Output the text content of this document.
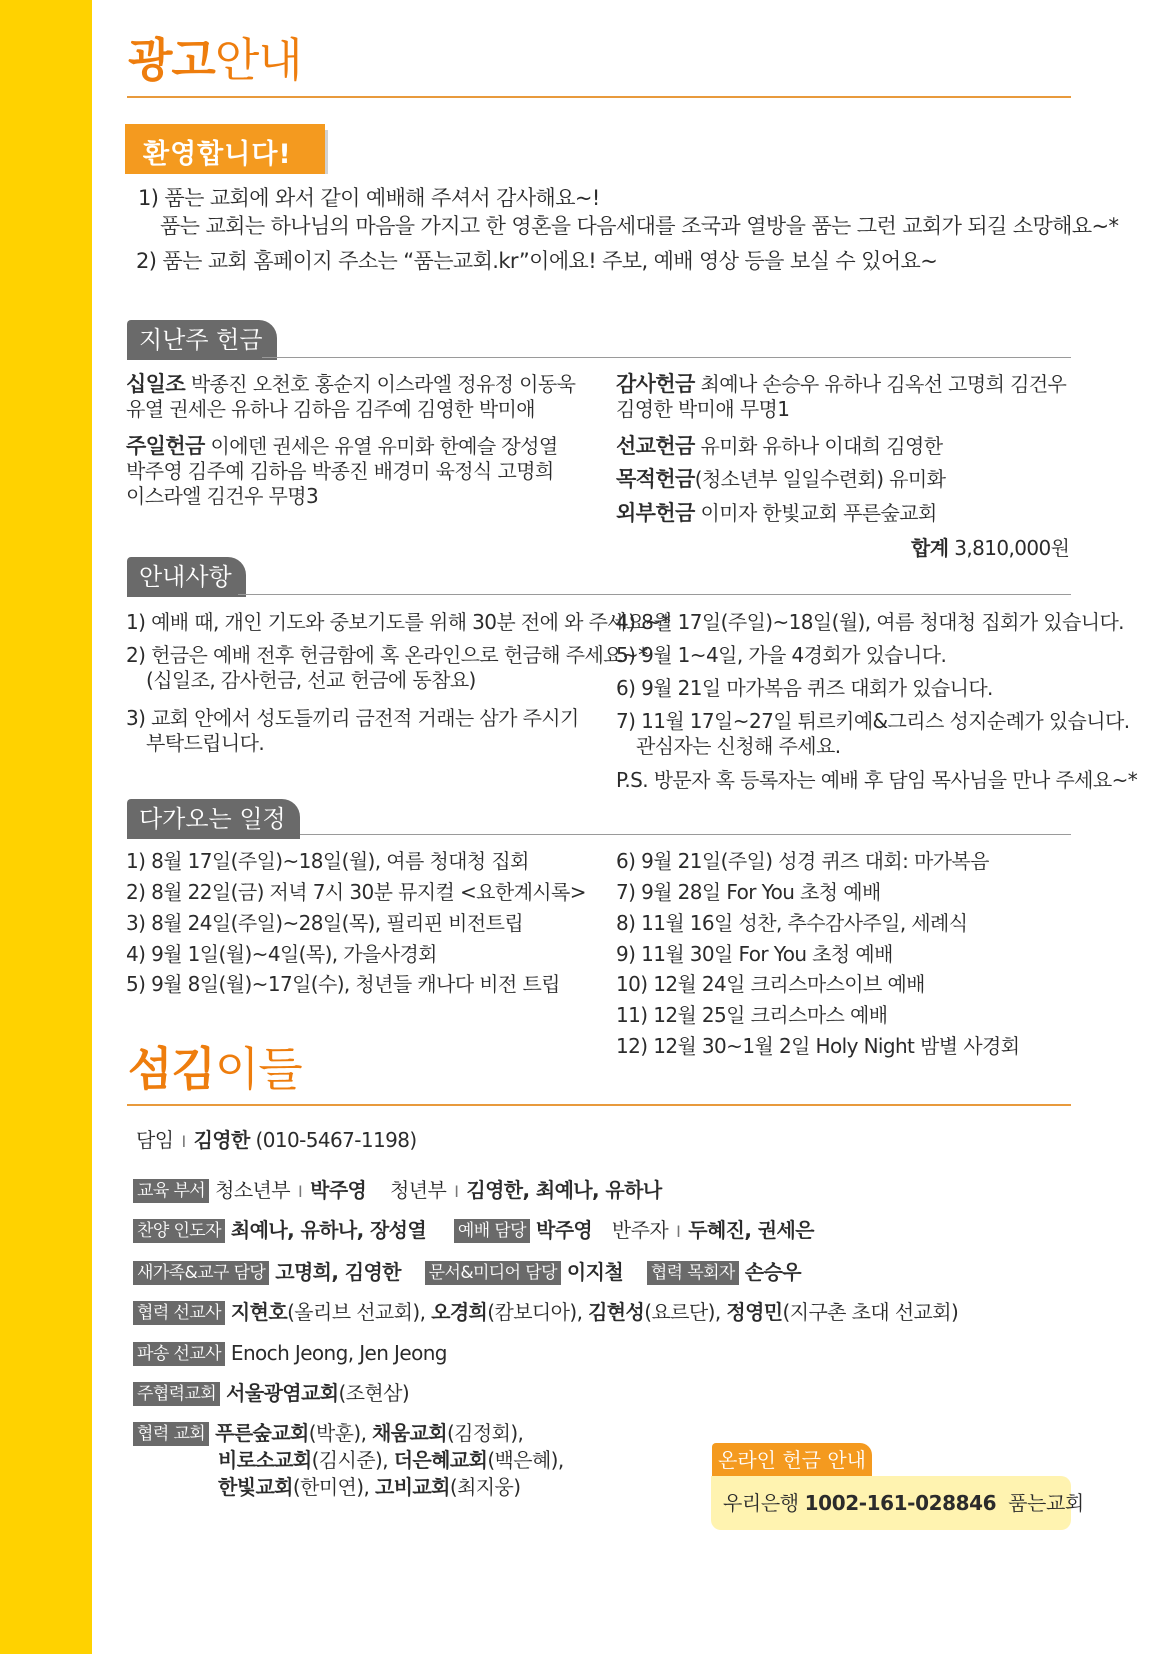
광고안내
환영합니다!
1) 품는 교회에 와서 같이 예배해 주셔서 감사해요~!
품는 교회는 하나님의 마음을 가지고 한 영혼을 다음세대를 조국과 열방을 품는 그런 교회가 되길 소망해요~*
2) 품는 교회 홈페이지 주소는 “품는교회.kr”이에요! 주보, 예배 영상 등을 보실 수 있어요~
지난주 헌금
십일조 박종진 오천호 홍순지 이스라엘 정유정 이동욱
유열 권세은 유하나 김하음 김주예 김영한 박미애
주일헌금 이에덴 권세은 유열 유미화 한예슬 장성열
박주영 김주예 김하음 박종진 배경미 육정식 고명희
이스라엘 김건우 무명3
감사헌금 최예나 손승우 유하나 김옥선 고명희 김건우
김영한 박미애 무명1
선교헌금 유미화 유하나 이대희 김영한
목적헌금(청소년부 일일수련회) 유미화
외부헌금 이미자 한빛교회 푸른숲교회
합계 3,810,000원
안내사항
1) 예배 때, 개인 기도와 중보기도를 위해 30분 전에 와 주세요~*
2) 헌금은 예배 전후 헌금함에 혹 온라인으로 헌금해 주세요~*
(십일조, 감사헌금, 선교 헌금에 동참요)
3) 교회 안에서 성도들끼리 금전적 거래는 삼가 주시기
부탁드립니다.
4) 8월 17일(주일)~18일(월), 여름 청대청 집회가 있습니다.
5) 9월 1~4일, 가을 4경회가 있습니다.
6) 9월 21일 마가복음 퀴즈 대회가 있습니다.
7) 11월 17일~27일 튀르키예&그리스 성지순례가 있습니다.
관심자는 신청해 주세요.
P.S. 방문자 혹 등록자는 예배 후 담임 목사님을 만나 주세요~*
다가오는 일정
1) 8월 17일(주일)~18일(월), 여름 청대청 집회
2) 8월 22일(금) 저녁 7시 30분 뮤지컬 <요한계시록>
3) 8월 24일(주일)~28일(목), 필리핀 비전트립
4) 9월 1일(월)~4일(목), 가을사경회
5) 9월 8일(월)~17일(수), 청년들 캐나다 비전 트립
6) 9월 21일(주일) 성경 퀴즈 대회: 마가복음
7) 9월 28일 For You 초청 예배
8) 11월 16일 성찬, 추수감사주일, 세례식
9) 11월 30일 For You 초청 예배
10) 12월 24일 크리스마스이브 예배
11) 12월 25일 크리스마스 예배
12) 12월 30~1월 2일 Holy Night 밤별 사경회
섬김이들
담임 I 김영한 (010-5467-1198)
교육 부서 청소년부 I 박주영 청년부 I 김영한, 최예나, 유하나
찬양 인도자 최예나, 유하나, 장성열 예배 담당 박주영 반주자 I 두혜진, 권세은
새가족&교구 담당 고명희, 김영한 문서&미디어 담당 이지철 협력 목회자 손승우
협력 선교사 지현호(올리브 선교회), 오경희(캄보디아), 김현성(요르단), 정영민(지구촌 초대 선교회)
파송 선교사 Enoch Jeong, Jen Jeong
주협력교회 서울광염교회(조현삼)
협력 교회 푸른숲교회(박훈), 채움교회(김정회),
비로소교회(김시준), 더은혜교회(백은혜),
한빛교회(한미연), 고비교회(최지웅)
온라인 헌금 안내
우리은행 1002-161-028846 품는교회
